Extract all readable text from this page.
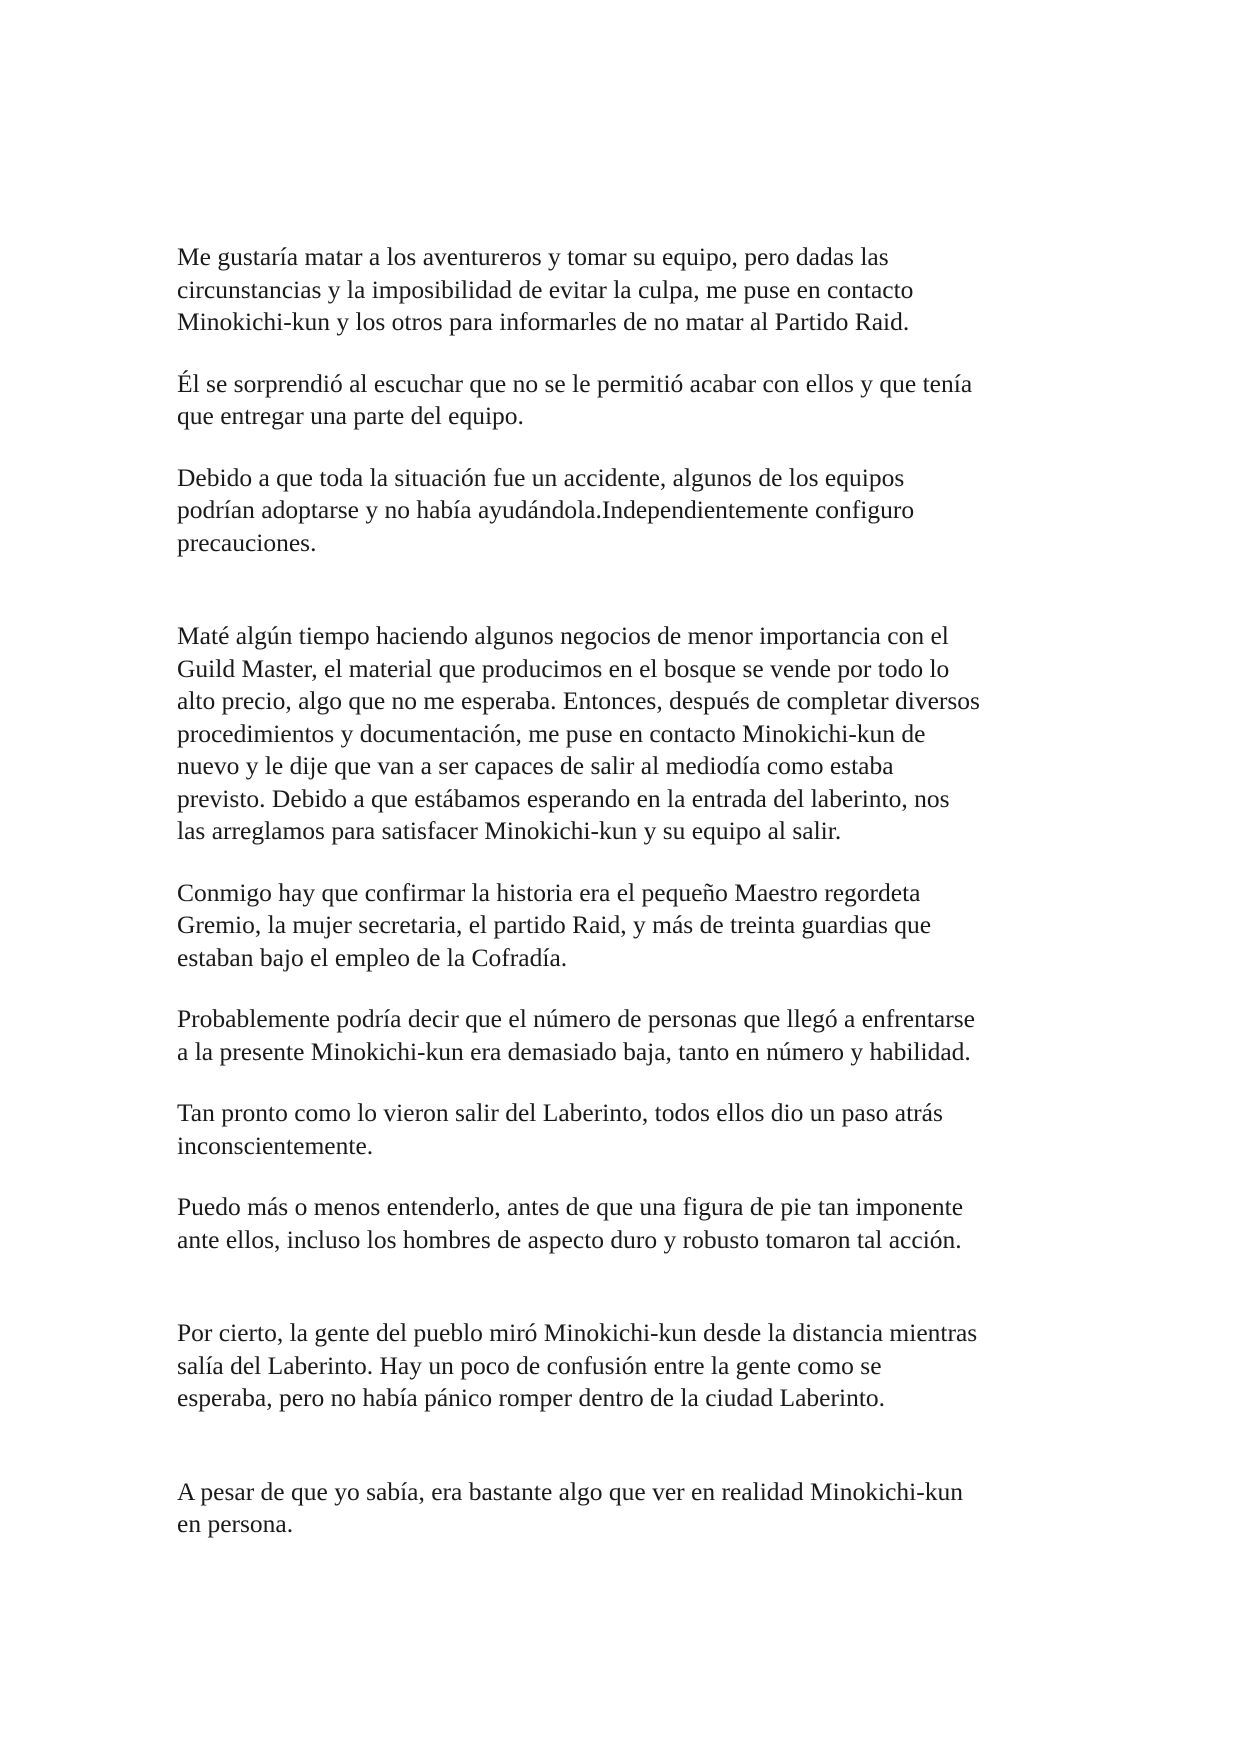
Me gustaría matar a los aventureros y tomar su equipo, pero dadas las
circunstancias y la imposibilidad de evitar la culpa, me puse en contacto
Minokichi-kun y los otros para informarles de no matar al Partido Raid.

Él se sorprendió al escuchar que no se le permitió acabar con ellos y que tenía
que entregar una parte del equipo.

Debido a que toda la situación fue un accidente, algunos de los equipos
podrían adoptarse y no había ayudándola.Independientemente configuro
precauciones.

Maté algún tiempo haciendo algunos negocios de menor importancia con el
Guild Master, el material que producimos en el bosque se vende por todo lo
alto precio, algo que no me esperaba. Entonces, después de completar diversos
procedimientos y documentación, me puse en contacto Minokichi-kun de
nuevo y le dije que van a ser capaces de salir al mediodía como estaba
previsto. Debido a que estábamos esperando en la entrada del laberinto, nos
las arreglamos para satisfacer Minokichi-kun y su equipo al salir.

Conmigo hay que confirmar la historia era el pequeño Maestro regordeta
Gremio, la mujer secretaria, el partido Raid, y más de treinta guardias que
estaban bajo el empleo de la Cofradía.

Probablemente podría decir que el número de personas que llegó a enfrentarse
a la presente Minokichi-kun era demasiado baja, tanto en número y habilidad.

Tan pronto como lo vieron salir del Laberinto, todos ellos dio un paso atrás
inconscientemente.

Puedo más o menos entenderlo, antes de que una figura de pie tan imponente
ante ellos, incluso los hombres de aspecto duro y robusto tomaron tal acción.

Por cierto, la gente del pueblo miró Minokichi-kun desde la distancia mientras
salía del Laberinto. Hay un poco de confusión entre la gente como se
esperaba, pero no había pánico romper dentro de la ciudad Laberinto.

A pesar de que yo sabía, era bastante algo que ver en realidad Minokichi-kun
en persona.
